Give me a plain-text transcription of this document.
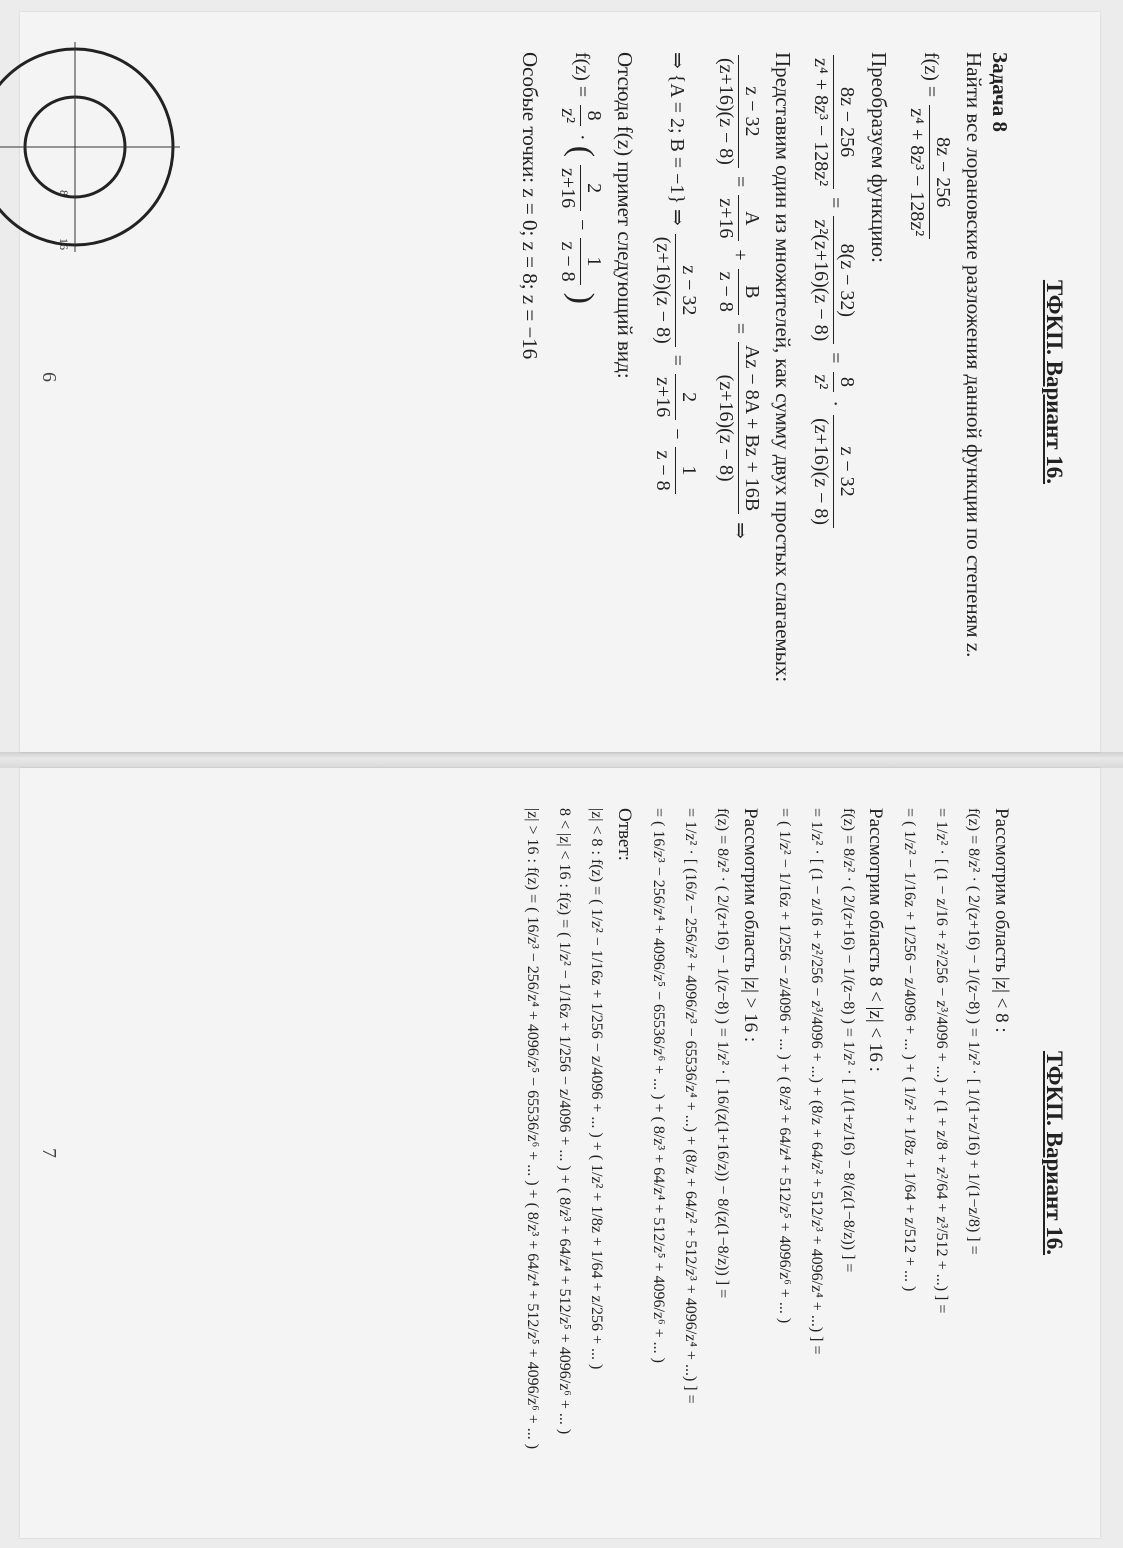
ТФКП. Вариант 16.

Задача 8

Найти все лорановские разложения данной функции по степеням z.

f(z) =
8z − 256
z⁴ + 8z³ − 128z²

Преобразуем функцию:

8z − 256
z⁴ + 8z³ − 128z²
=
8(z − 32)
z²(z+16)(z − 8)
=
8
z²
·
z − 32
(z+16)(z − 8)

Представим один из множителей, как сумму двух простых слагаемых:

z − 32
(z+16)(z − 8)
=
A
z+16
+
B
z − 8
=
Az − 8A + Bz + 16B
(z+16)(z − 8)
⇒
⇒ {A = 2; B = −1} ⇒
z − 32
(z+16)(z − 8)
=
2
z+16
−
1
z − 8

Отсюда f(z) примет следующий вид:

f(z) =
8
z²
· (
2
z+16
−
1
z − 8
)

Особые точки: z = 0; z = 8; z = −16

8
16
6
ТФКП. Вариант 16.

Рассмотрим область |z| < 8 :

f(z) = 8/z² · ( 2/(z+16) − 1/(z−8) ) = 1/z² · [ 1/(1+z/16) + 1/(1−z/8) ] =
= 1/z² · [ (1 − z/16 + z²/256 − z³/4096 + ...) + (1 + z/8 + z²/64 + z³/512 + ...) ] =
= ( 1/z² − 1/16z + 1/256 − z/4096 + ... ) + ( 1/z² + 1/8z + 1/64 + z/512 + ... )

Рассмотрим область 8 < |z| < 16 :

f(z) = 8/z² · ( 2/(z+16) − 1/(z−8) ) = 1/z² · [ 1/(1+z/16) − 8/(z(1−8/z)) ] =
= 1/z² · [ (1 − z/16 + z²/256 − z³/4096 + ...) + (8/z + 64/z² + 512/z³ + 4096/z⁴ + ...) ] =
= ( 1/z² − 1/16z + 1/256 − z/4096 + ... ) + ( 8/z³ + 64/z⁴ + 512/z⁵ + 4096/z⁶ + ... )

Рассмотрим область |z| > 16 :

f(z) = 8/z² · ( 2/(z+16) − 1/(z−8) ) = 1/z² · [ 16/(z(1+16/z)) − 8/(z(1−8/z)) ] =
= 1/z² · [ (16/z − 256/z² + 4096/z³ − 65536/z⁴ + ...) + (8/z + 64/z² + 512/z³ + 4096/z⁴ + ...) ] =
= ( 16/z³ − 256/z⁴ + 4096/z⁵ − 65536/z⁶ + ... ) + ( 8/z³ + 64/z⁴ + 512/z⁵ + 4096/z⁶ + ... )

Ответ:

|z| < 8 : f(z) = ( 1/z² − 1/16z + 1/256 − z/4096 + ... ) + ( 1/z² + 1/8z + 1/64 + z/256 + ... )
8 < |z| < 16 : f(z) = ( 1/z² − 1/16z + 1/256 − z/4096 + ... ) + ( 8/z³ + 64/z⁴ + 512/z⁵ + 4096/z⁶ + ... )
|z| > 16 : f(z) = ( 16/z³ − 256/z⁴ + 4096/z⁵ − 65536/z⁶ + ... ) + ( 8/z³ + 64/z⁴ + 512/z⁵ + 4096/z⁶ + ... )
7
